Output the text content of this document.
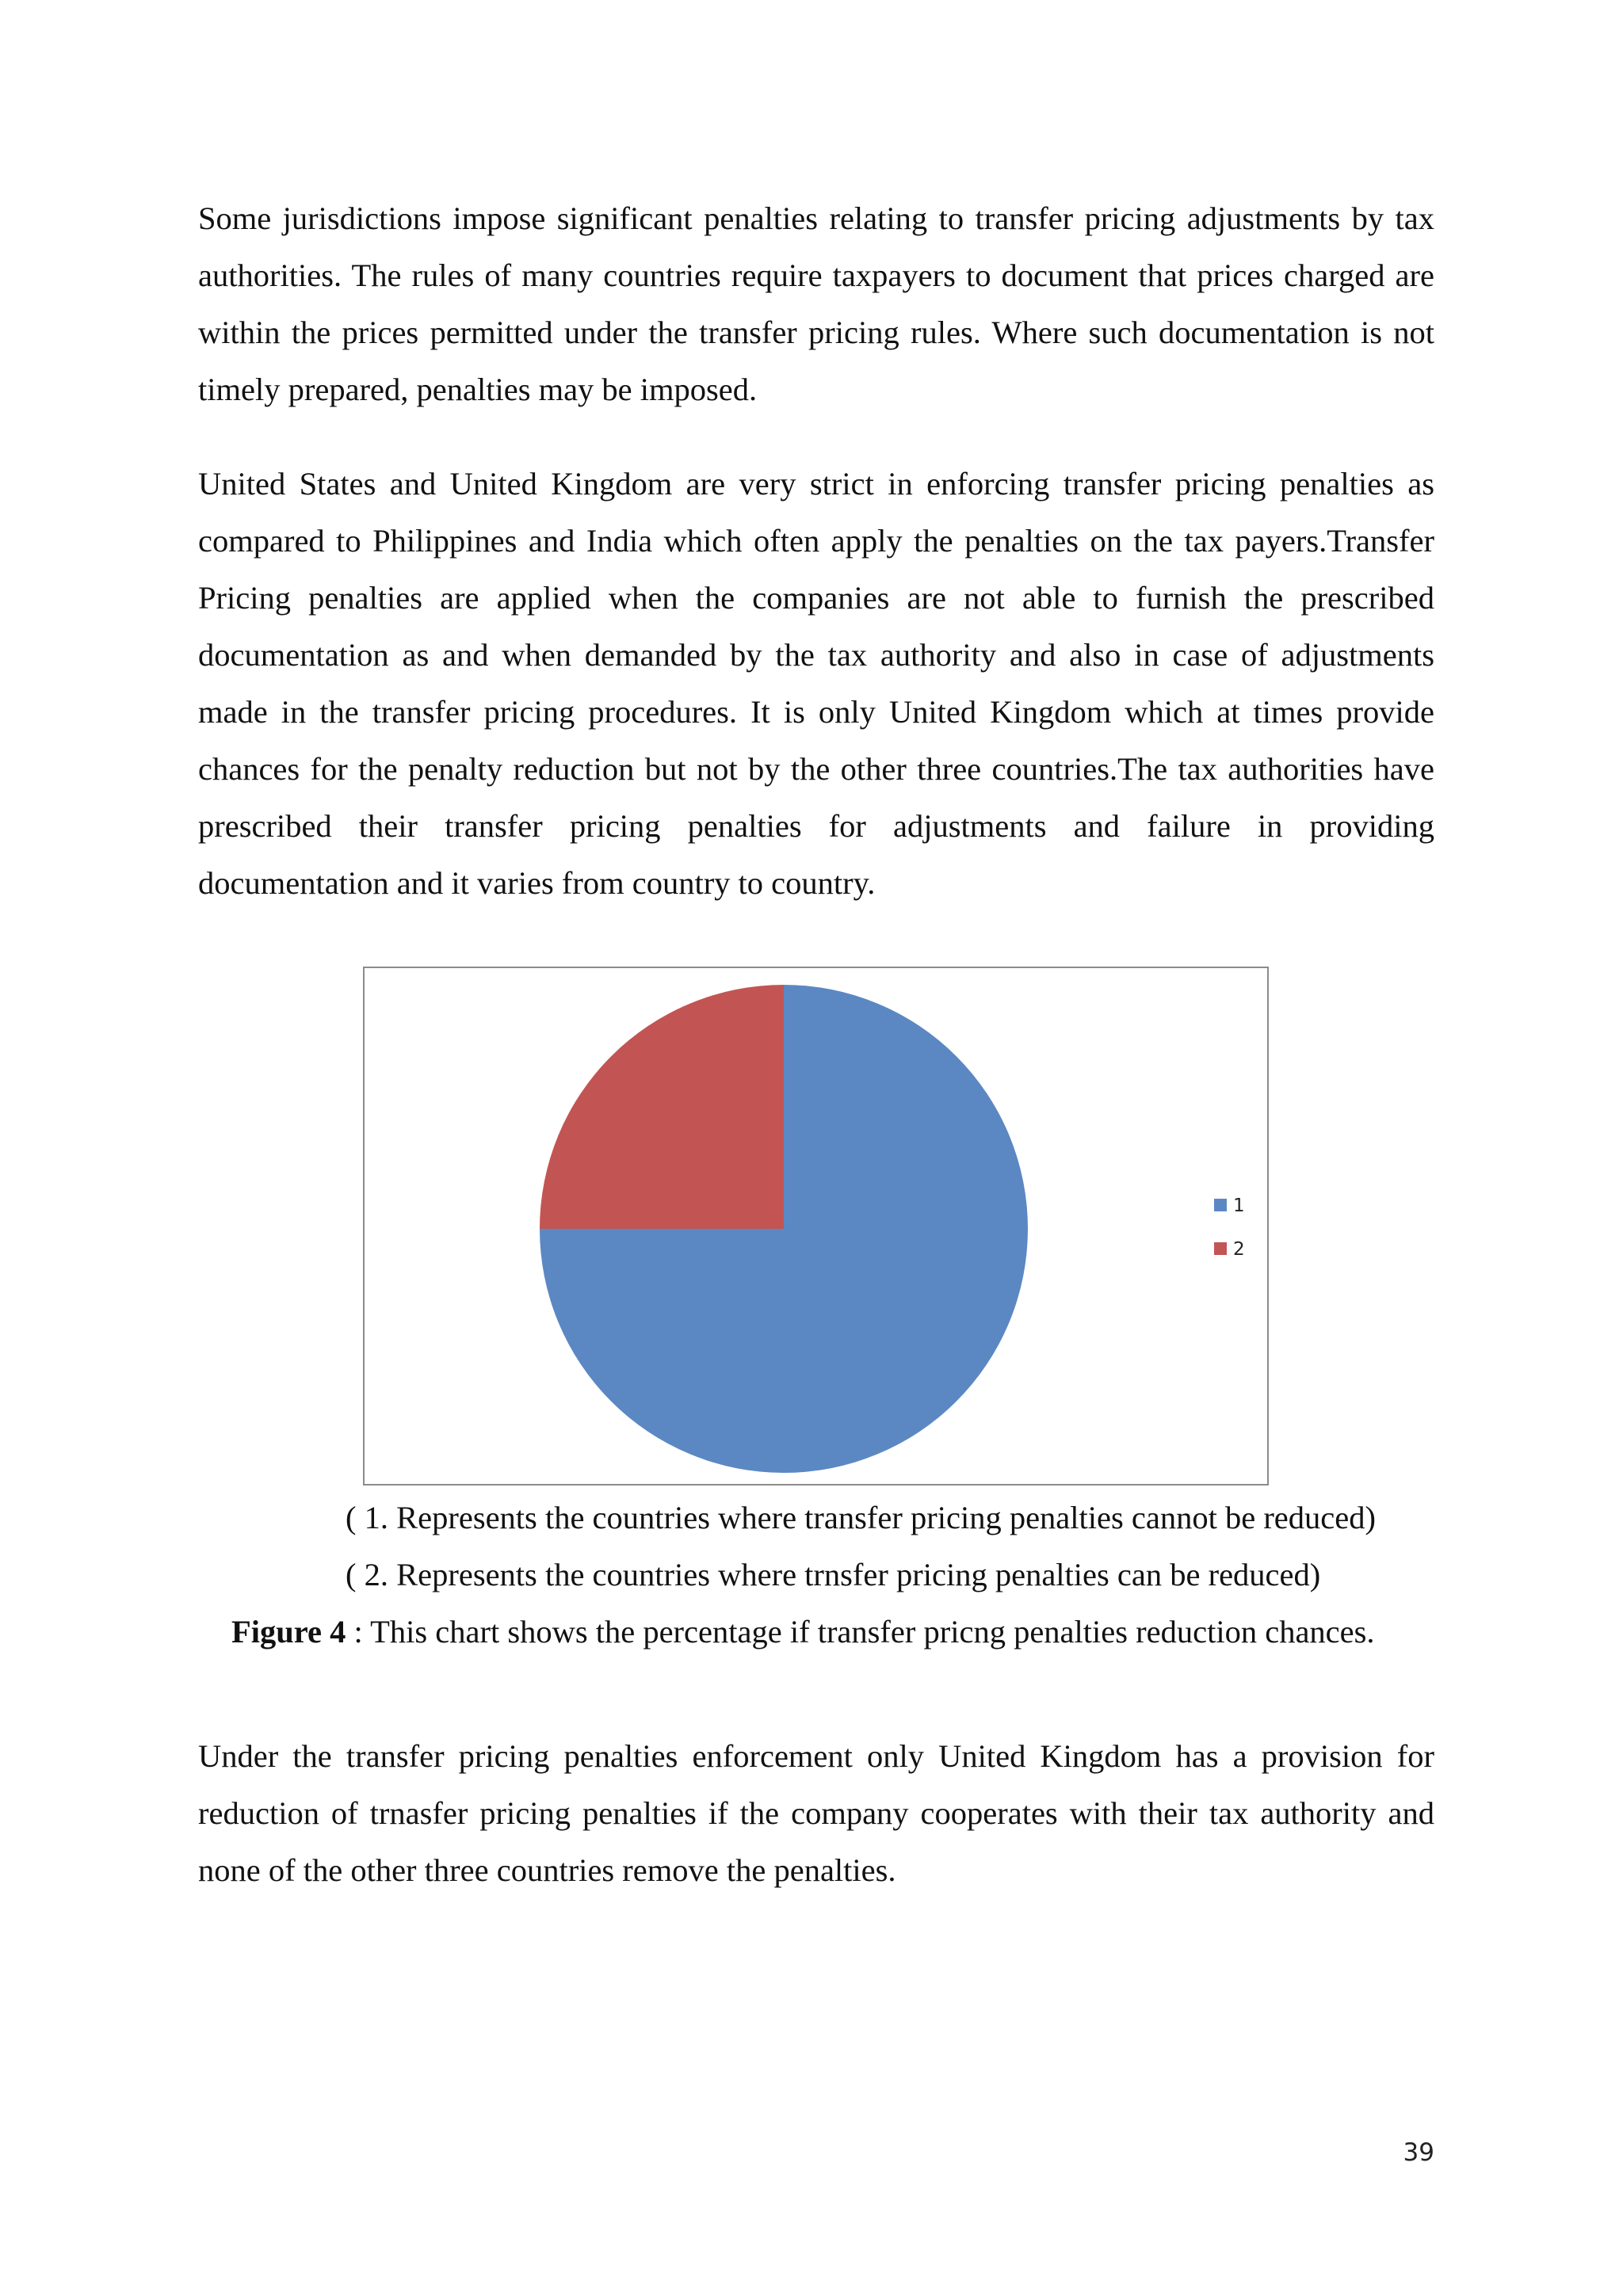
Some jurisdictions impose significant penalties relating to transfer pricing adjustments by tax authorities. The rules of many countries require taxpayers to document that prices charged are within the prices permitted under the transfer pricing rules. Where such documentation is not timely prepared, penalties may be imposed.

United States and United Kingdom are very strict in enforcing transfer pricing penalties as compared to Philippines and India which often apply the penalties on the tax payers.Transfer Pricing penalties are applied when the companies are not able to furnish the prescribed documentation as and when demanded by the tax authority and also in case of adjustments made in the transfer pricing procedures. It is only United Kingdom which at times provide chances for the penalty reduction but not by the other three countries.The tax authorities have prescribed their transfer pricing penalties for adjustments and failure in providing documentation and it varies from country to country.

1
2

( 1. Represents the countries where transfer pricing penalties cannot be reduced)

( 2. Represents the countries where trnsfer pricing penalties can be reduced)

Figure 4 : This chart shows the percentage if transfer pricng penalties reduction chances.

Under the transfer pricing penalties enforcement only United Kingdom has a provision for reduction of trnasfer pricing penalties if the company cooperates with their tax authority and none of the other three countries remove the penalties.

39
